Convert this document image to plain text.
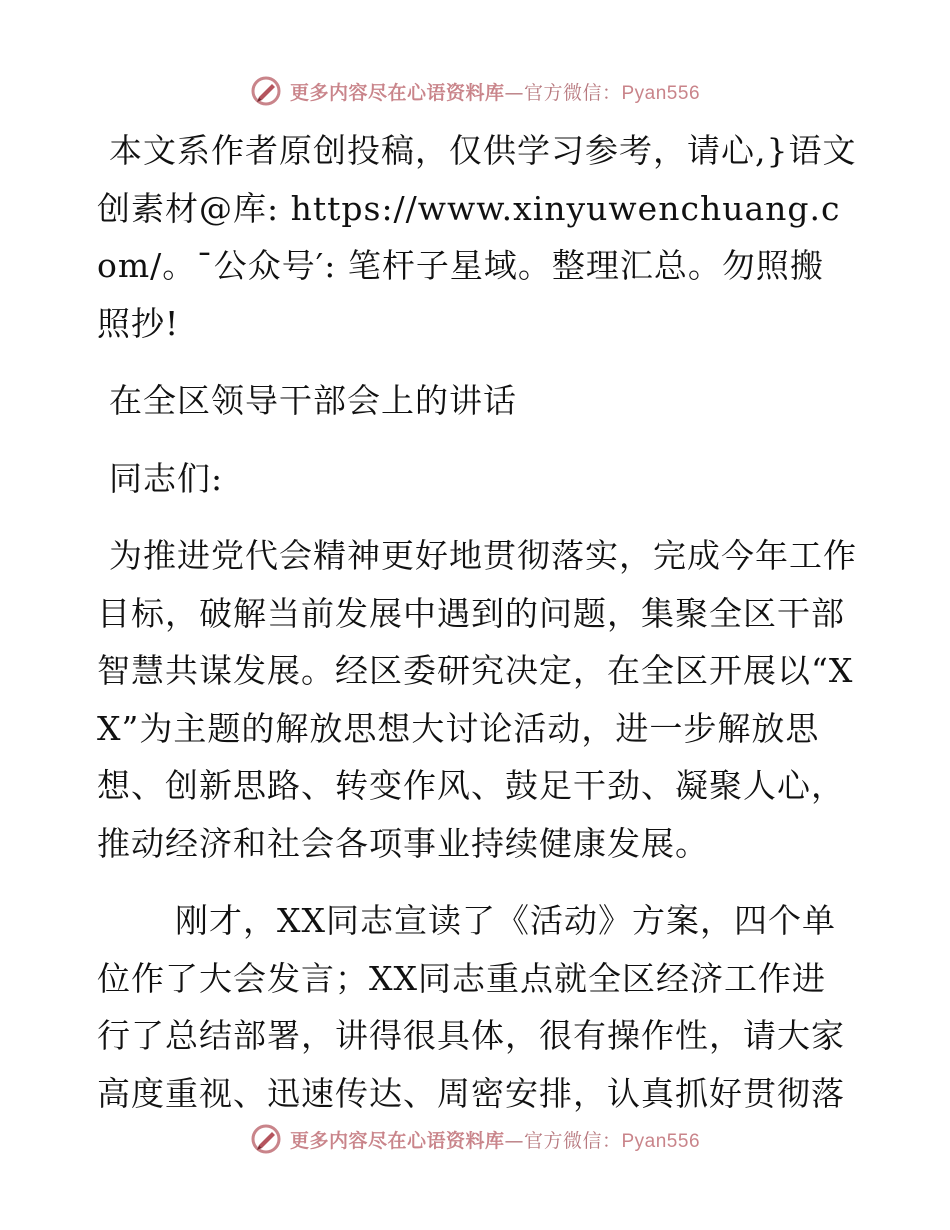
更多内容尽在心语资料库—官方微信：Pyan556

本文系作者原创投稿，仅供学习参考，请心,}语文创素材@库: https://www.xinyuwenchuang.com/。¯公众号′: 笔杆子星域。整理汇总。勿照搬照抄!

在全区领导干部会上的讲话

同志们:

为推进党代会精神更好地贯彻落实，完成今年工作目标，破解当前发展中遇到的问题，集聚全区干部智慧共谋发展。经区委研究决定，在全区开展以“XX”为主题的解放思想大讨论活动，进一步解放思想、创新思路、转变作风、鼓足干劲、凝聚人心，推动经济和社会各项事业持续健康发展。

刚才，XX同志宣读了《活动》方案，四个单位作了大会发言；XX同志重点就全区经济工作进行了总结部署，讲得很具体，很有操作性，请大家高度重视、迅速传达、周密安排，认真抓好贯彻落

更多内容尽在心语资料库—官方微信：Pyan556
